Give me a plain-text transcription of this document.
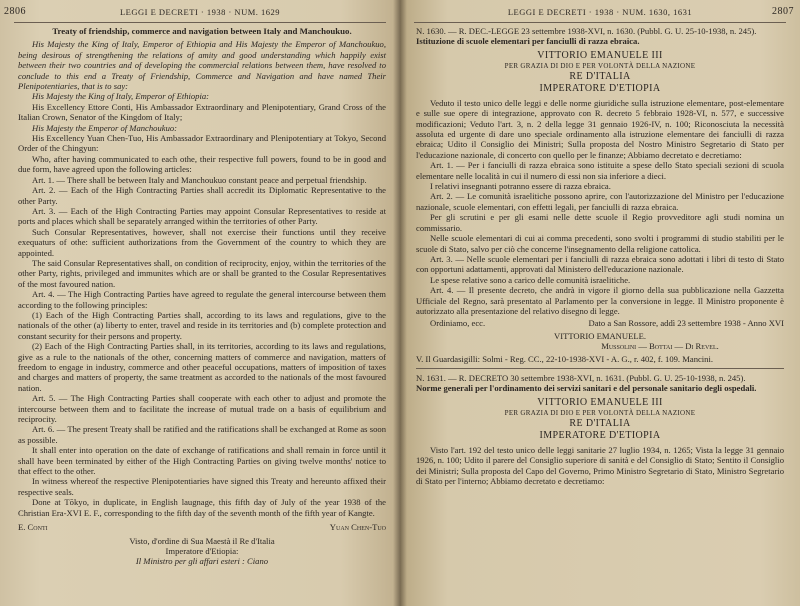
2806	LEGGI E DECRETI · 1938 · NUM. 1629

Treaty of friendship, commerce and navigation between Italy and Manchoukuo.

His Majesty the King of Italy, Emperor of Ethiopia and His Majesty the Emperor of Manchoukuo, being desirous of strengthening the relations of amity and good understanding which happily exist between their two countries and of developing the commercial relations between them, have resolved to conclude to this end a Treaty of Friendship, Commerce and Navigation and have named Their Plenipotentiaries, that is to say:

His Majesty the King of Italy, Emperor of Ethiopia:

His Excellency Ettore Conti, His Ambassador Extraordinary and Plenipotentiary, Grand Cross of the Italian Crown, Senator of the Kingdom of Italy;

His Majesty the Emperor of Manchoukuo:

His Excellency Yuan Chen-Tuo, His Ambassador Extraordinary and Plenipotentiary at Tokyo, Second Order of the Chingyun:

Who, after having communicated to each othe, their respective full powers, found to be in good and due form, have agreed upon the following articles:

Art. 1. — There shall be between Italy and Manchoukuo constant peace and perpetual friendship.

Art. 2. — Each of the High Contracting Parties shall accredit its Diplomatic Representative to the other Party.

Art. 3. — Each of the High Contracting Parties may appoint Consular Representatives to reside at ports and places which shall be separately arranged within the territories of other Party.

Such Consular Representatives, however, shall not exercise their functions until they receive exequaturs of othe: sufficient authorizations from the Government of the country to which they are appointed.

The said Consular Representatives shall, on condition of reciprocity, enjoy, within the territories of the other Party, rights, privileged and immunites which are or shall be granted to the Cosular Representatives of the most favoured nation.

Art. 4. — The High Contracting Parties have agreed to regulate the general intercourse between them according to the following principles:

(1) Each of the High Contracting Parties shall, according to its laws and regulations, give to the nationals of the other (a) liberty to enter, travel and reside in its territories and (b) complete protection and constant security for their persons and property.

(2) Each of the High Contracting Parties shall, in its territories, according to its laws and regulations, give as a rule to the nationals of the other, concerning matters of commerce and navigation, matters of freedom to engage in industry, commerce and other peaceful occupations, matters of imposition of taxes and charges and matters of property, the same treatment as accorded to the nationals of the most favoured nation.

Art. 5. — The High Contracting Parties shall cooperate with each other to adjust and promote the intercourse between them and to facilitate the increase of mutual trade on a basis of equilibrium and reciprocity.

Art. 6. — The present Treaty shall be ratified and the ratifications shall be exchanged at Rome as soon as possible.

It shall enter into operation on the date of exchange of ratifications and shall remain in force until it shall have been terminated by either of the High Contracting Parties on giving twelve months' notice to that effect to the other.

In witness whereof the respective Plenipotentiaries have signed this Treaty and hereunto affixed their respective seals.

Done at Tōkyo, in duplicate, in English laugnage, this fifth day of July of the year 1938 of the Christian Era-XVI E. F., corresponding to the fifth day of the seventh month of the fifth year of Kangte.

E. Conti	Yuan Chen-Tuo

Visto, d'ordine di Sua Maestà il Re d'Italia

Imperatore d'Etiopia:

Il Ministro per gli affari esteri : Ciano

LEGGI E DECRETI · 1938 · NUM. 1630, 1631	2807

N. 1630. — R. DEC.-LEGGE 23 settembre 1938-XVI, n. 1630. (Pubbl. G. U. 25-10-1938, n. 245).

Istituzione di scuole elementari per fanciulli di razza ebraica.

VITTORIO EMANUELE III

PER GRAZIA DI DIO E PER VOLONTÀ DELLA NAZIONE

RE D'ITALIA

IMPERATORE D'ETIOPIA

Veduto il testo unico delle leggi e delle norme giuridiche sulla istruzione elementare, post-elementare e sulle sue opere di integrazione, approvato con R. decreto 5 febbraio 1928-VI, n. 577, e successive modificazioni; Veduto l'art. 3, n. 2 della legge 31 gennaio 1926-IV, n. 100; Riconosciuta la necessità assoluta ed urgente di dare uno speciale ordinamento alla istruzione elementare dei fanciulli di razza ebraica; Udito il Consiglio dei Ministri; Sulla proposta del Nostro Ministro Segretario di Stato per l'educazione nazionale, di concerto con quello per le finanze; Abbiamo decretato e decretiamo:

Art. 1. — Per i fanciulli di razza ebraica sono istituite a spese dello Stato speciali sezioni di scuola elementare nelle località in cui il numero di essi non sia inferiore a dieci.

I relativi insegnanti potranno essere di razza ebraica.

Art. 2. — Le comunità israelitiche possono aprire, con l'autorizzazione del Ministro per l'educazione nazionale, scuole elementari, con effetti legali, per fanciulli di razza ebraica.

Per gli scrutini e per gli esami nelle dette scuole il Regio provveditore agli studi nomina un commissario.

Nelle scuole elementari di cui ai comma precedenti, sono svolti i programmi di studio stabiliti per le scuole di Stato, salvo per ciò che concerne l'insegnamento della religione cattolica.

Art. 3. — Nelle scuole elementari per i fanciulli di razza ebraica sono adottati i libri di testo di Stato con opportuni adattamenti, approvati dal Ministero dell'educazione nazionale.

Le spese relative sono a carico delle comunità israelitiche.

Art. 4. — Il presente decreto, che andrà in vigore il giorno della sua pubblicazione nella Gazzetta Ufficiale del Regno, sarà presentato al Parlamento per la conversione in legge. Il Ministro proponente è autorizzato alla presentazione del relativo disegno di legge.

Ordiniamo, ecc.	Dato a San Rossore, addì 23 settembre 1938 - Anno XVI

VITTORIO EMANUELE.

Mussolini — Bottai — Di Revel.

V. Il Guardasigilli: Solmi - Reg. CC., 22-10-1938-XVI - A. G., r. 402, f. 109. Mancini.

N. 1631. — R. DECRETO 30 settembre 1938-XVI, n. 1631. (Pubbl. G. U. 25-10-1938, n. 245).

Norme generali per l'ordinamento dei servizi sanitari e del personale sanitario degli ospedali.

VITTORIO EMANUELE III

PER GRAZIA DI DIO E PER VOLONTÀ DELLA NAZIONE

RE D'ITALIA

IMPERATORE D'ETIOPIA

Visto l'art. 192 del testo unico delle leggi sanitarie 27 luglio 1934, n. 1265; Vista la legge 31 gennaio 1926, n. 100; Udito il parere del Consiglio superiore di sanità e del Consiglio di Stato; Sentito il Consiglio dei Ministri; Sulla proposta del Capo del Governo, Primo Ministro Segretario di Stato, Ministro Segretario di Stato per l'interno; Abbiamo decretato e decretiamo:
